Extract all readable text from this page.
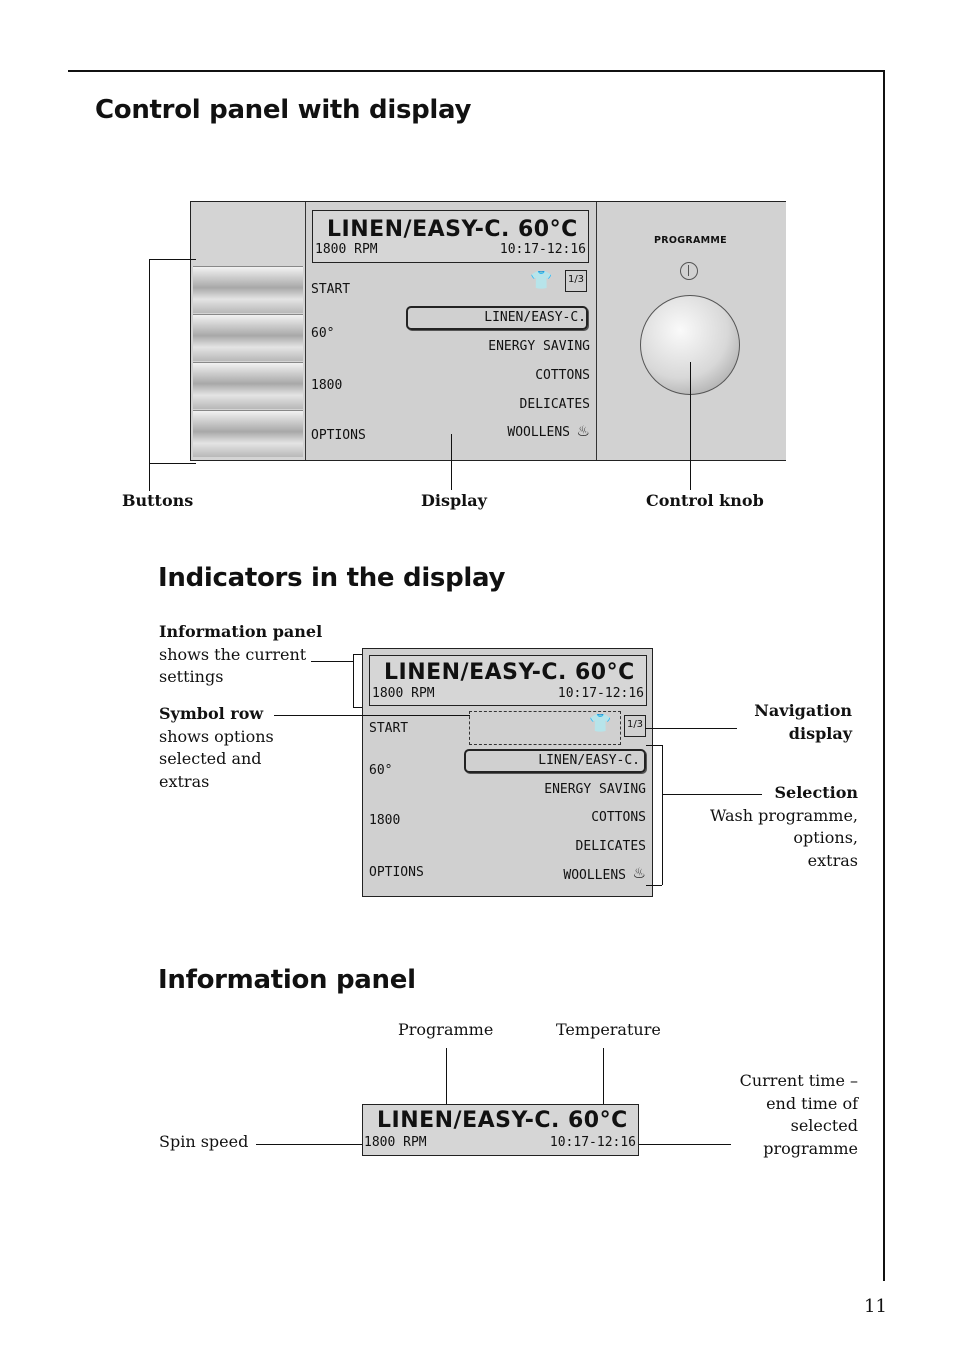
Control panel with display
LINEN/EASY-C. 60°C
1800 RPM	10:17-12:16
👕 1/3
START
60°
1800
OPTIONS
LINEN/EASY-C.
ENERGY SAVING
COTTONS
DELICATES
WOOLLENS ♨
PROGRAMME
Buttons	Display	Control knob
Indicators in the display
LINEN/EASY-C. 60°C
1800 RPM	10:17-12:16
👕 1/3
START
60°
1800
OPTIONS
LINEN/EASY-C.
ENERGY SAVING
COTTONS
DELICATES
WOOLLENS ♨
Information panel
shows the current
settings
Symbol row
shows options
selected and
extras
Navigation
display
Selection
Wash programme,
options,
extras
Information panel
LINEN/EASY-C. 60°C
1800 RPM	10:17-12:16
Programme	Temperature
Spin speed
Current time –
end time of
selected
programme
11
